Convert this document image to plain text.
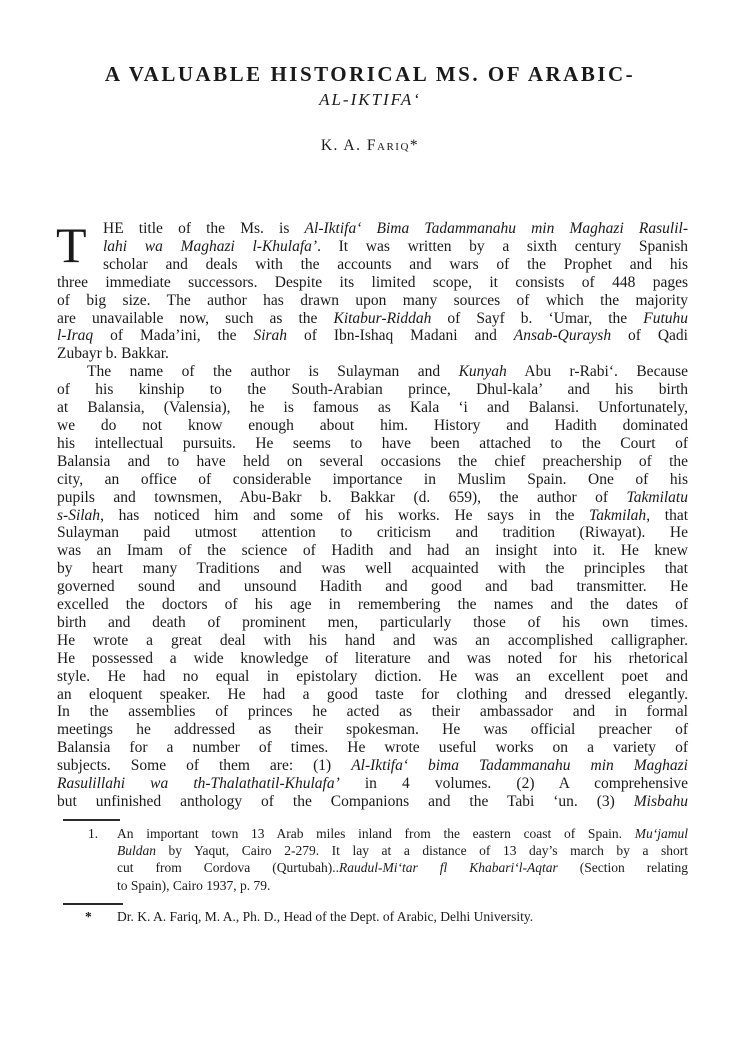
A VALUABLE HISTORICAL MS. OF ARABIC-
AL-IKTIFA‘
K. A. Fariq*
T	HE title of the Ms. is Al-Iktifa‘ Bima Tadammanahu min Maghazi Rasulil-
lahi wa Maghazi l-Khulafa’. It was written by a sixth century Spanish
scholar and deals with the accounts and wars of the Prophet and his
three immediate successors. Despite its limited scope, it consists of 448 pages
of big size. The author has drawn upon many sources of which the majority
are unavailable now, such as the Kitabur-Riddah of Sayf b. ‘Umar, the Futuhu
l-Iraq of Mada’ini, the Sirah of Ibn-Ishaq Madani and Ansab-Quraysh of Qadi
Zubayr b. Bakkar.
The name of the author is Sulayman and Kunyah Abu r-Rabi‘. Because
of his kinship to the South-Arabian prince, Dhul-kala’ and his birth
at Balansia, (Valensia), he is famous as Kala ‘i and Balansi. Unfortunately,
we do not know enough about him. History and Hadith dominated
his intellectual pursuits. He seems to have been attached to the Court of
Balansia and to have held on several occasions the chief preachership of the
city, an office of considerable importance in Muslim Spain. One of his
pupils and townsmen, Abu-Bakr b. Bakkar (d. 659), the author of Takmilatu
s-Silah, has noticed him and some of his works. He says in the Takmilah, that
Sulayman paid utmost attention to criticism and tradition (Riwayat). He
was an Imam of the science of Hadith and had an insight into it. He knew
by heart many Traditions and was well acquainted with the principles that
governed sound and unsound Hadith and good and bad transmitter. He
excelled the doctors of his age in remembering the names and the dates of
birth and death of prominent men, particularly those of his own times.
He wrote a great deal with his hand and was an accomplished calligrapher.
He possessed a wide knowledge of literature and was noted for his rhetorical
style. He had no equal in epistolary diction. He was an excellent poet and
an eloquent speaker. He had a good taste for clothing and dressed elegantly.
In the assemblies of princes he acted as their ambassador and in formal
meetings he addressed as their spokesman. He was official preacher of
Balansia for a number of times. He wrote useful works on a variety of
subjects. Some of them are: (1) Al-Iktifa‘ bima Tadammanahu min Maghazi
Rasulillahi wa th-Thalathatil-Khulafa’ in 4 volumes. (2) A comprehensive
but unfinished anthology of the Companions and the Tabi ‘un. (3) Misbahu
1.	An important town 13 Arab miles inland from the eastern coast of Spain. Mu‘jamul
Buldan by Yaqut, Cairo 2-279. It lay at a distance of 13 day’s march by a short
cut from Cordova (Qurtubah)..Raudul-Mi‘tar fl Khabari‘l-Aqtar (Section relating
to Spain), Cairo 1937, p. 79.
*	Dr. K. A. Fariq, M. A., Ph. D., Head of the Dept. of Arabic, Delhi University.
